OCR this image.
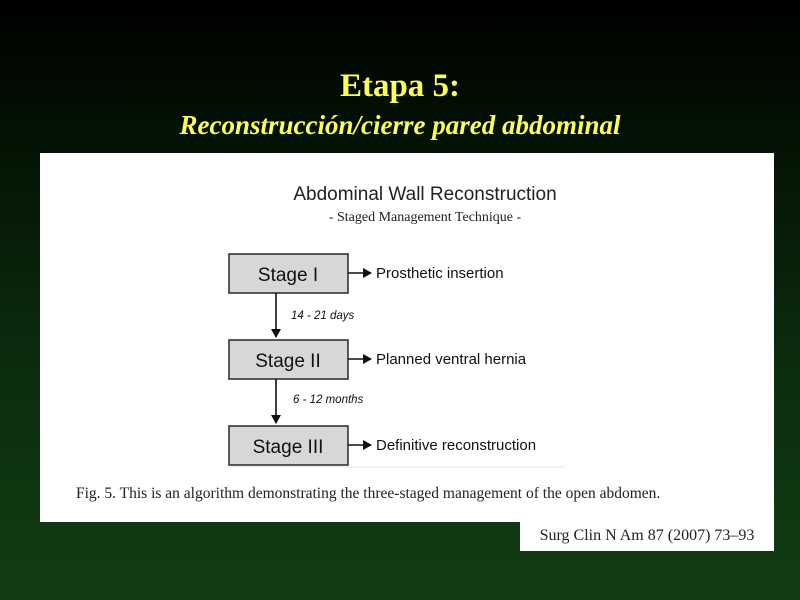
Etapa 5:
Reconstrucción/cierre pared abdominal
Abdominal Wall Reconstruction
- Staged Management Technique -
Stage I	Prosthetic insertion
14 - 21 days
Stage II	Planned ventral hernia
6 - 12 months
Stage III	Definitive reconstruction
Fig. 5. This is an algorithm demonstrating the three-staged management of the open abdomen.
Surg Clin N Am 87 (2007) 73–93
